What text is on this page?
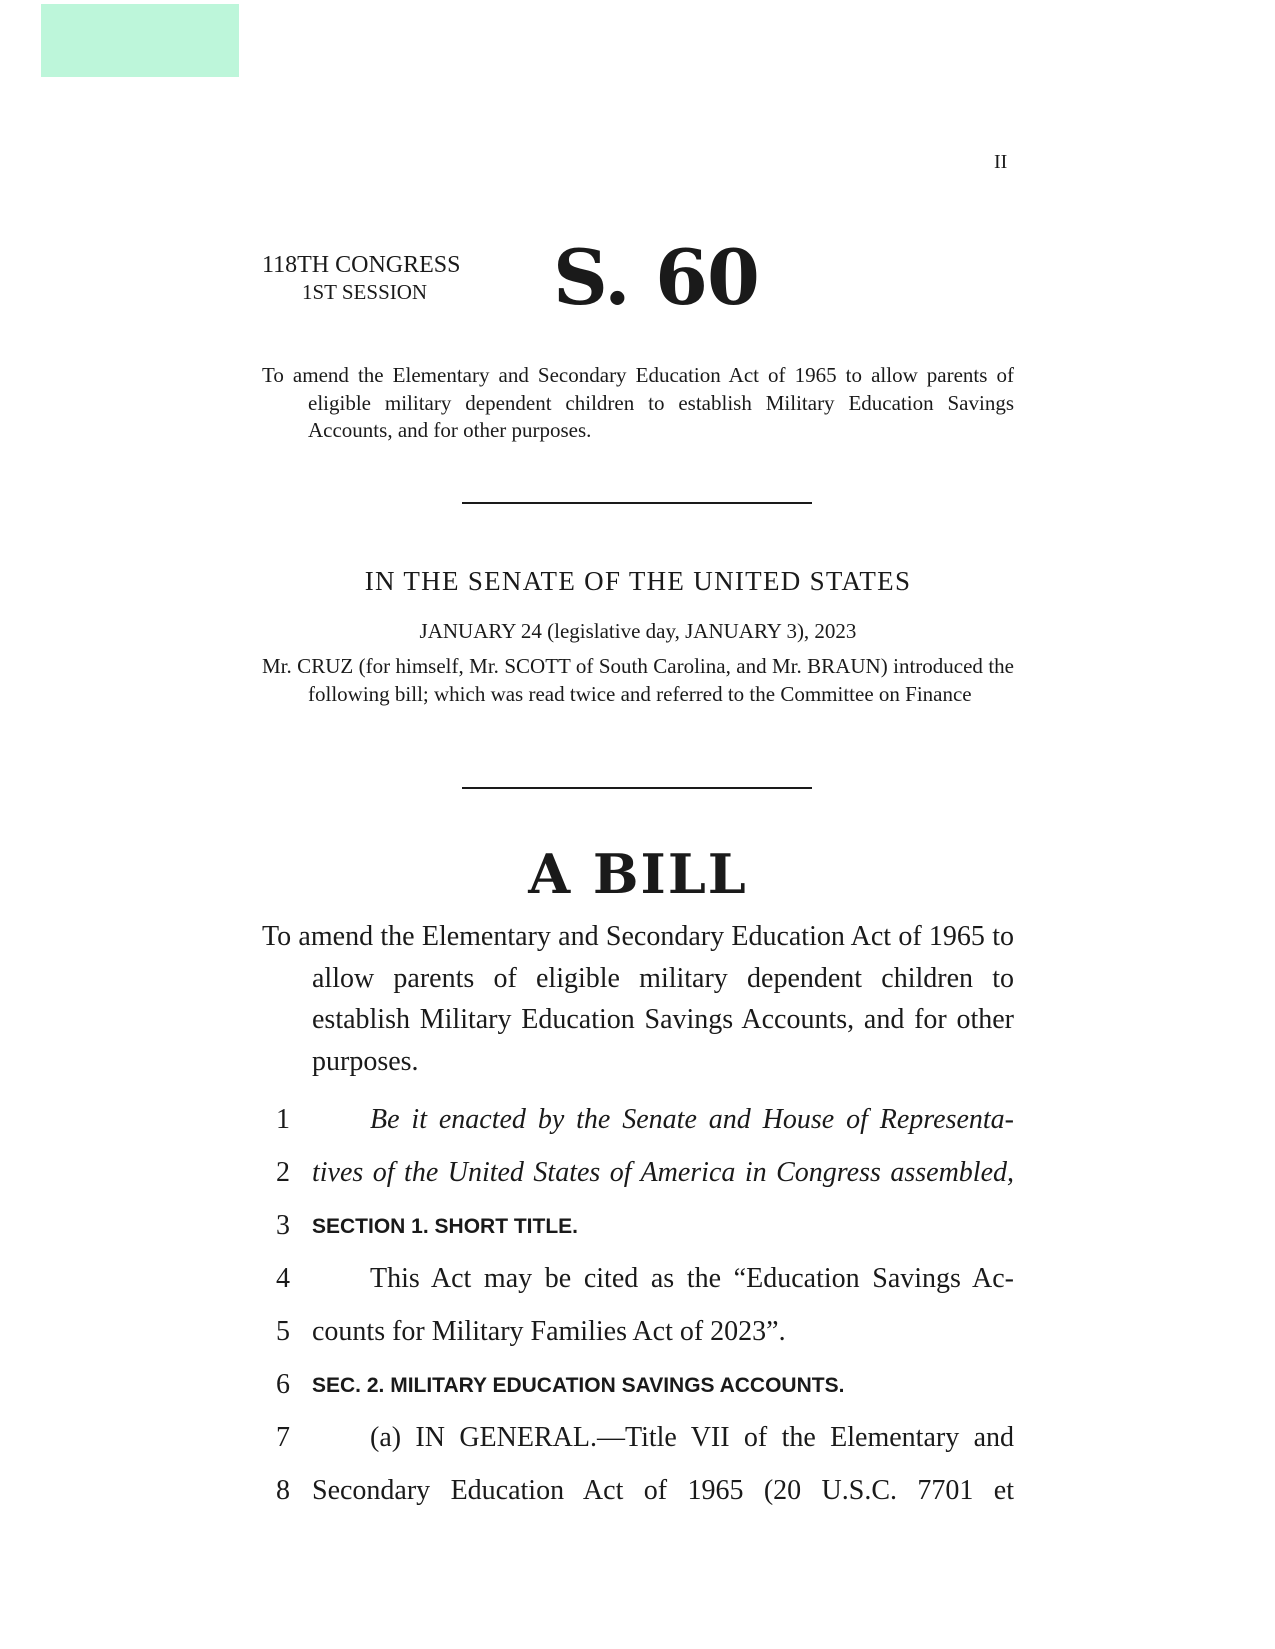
II
118TH CONGRESS
1ST SESSION	S. 60
To amend the Elementary and Secondary Education Act of 1965 to allow parents of eligible military dependent children to establish Military Education Savings Accounts, and for other purposes.
IN THE SENATE OF THE UNITED STATES
JANUARY 24 (legislative day, JANUARY 3), 2023
Mr. CRUZ (for himself, Mr. SCOTT of South Carolina, and Mr. BRAUN) introduced the following bill; which was read twice and referred to the Committee on Finance
A BILL
To amend the Elementary and Secondary Education Act of 1965 to allow parents of eligible military dependent children to establish Military Education Savings Accounts, and for other purposes.
1	Be it enacted by the Senate and House of Representa-
2 tives of the United States of America in Congress assembled,
3 SECTION 1. SHORT TITLE.
4	This Act may be cited as the “Education Savings Ac-
5 counts for Military Families Act of 2023”.
6 SEC. 2. MILITARY EDUCATION SAVINGS ACCOUNTS.
7	(a) IN GENERAL.—Title VII of the Elementary and
8 Secondary Education Act of 1965 (20 U.S.C. 7701 et
